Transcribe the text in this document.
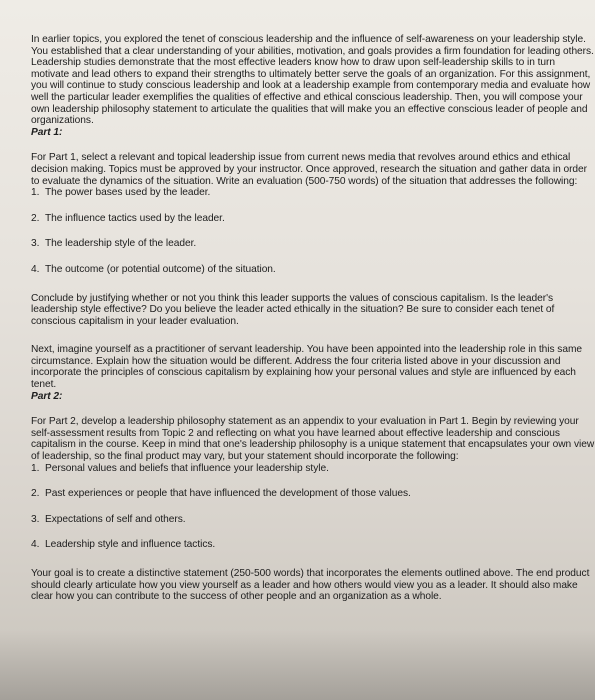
In earlier topics, you explored the tenet of conscious leadership and the influence of self-awareness on your leadership style. You established that a clear understanding of your abilities, motivation, and goals provides a firm foundation for leading others. Leadership studies demonstrate that the most effective leaders know how to draw upon self-leadership skills to in turn motivate and lead others to expand their strengths to ultimately better serve the goals of an organization. For this assignment, you will continue to study conscious leadership and look at a leadership example from contemporary media and evaluate how well the particular leader exemplifies the qualities of effective and ethical conscious leadership. Then, you will compose your own leadership philosophy statement to articulate the qualities that will make you an effective conscious leader of people and organizations.

Part 1:

For Part 1, select a relevant and topical leadership issue from current news media that revolves around ethics and ethical decision making. Topics must be approved by your instructor. Once approved, research the situation and gather data in order to evaluate the dynamics of the situation. Write an evaluation (500-750 words) of the situation that addresses the following:

1. The power bases used by the leader.
2. The influence tactics used by the leader.
3. The leadership style of the leader.
4. The outcome (or potential outcome) of the situation.

Conclude by justifying whether or not you think this leader supports the values of conscious capitalism. Is the leader's leadership style effective? Do you believe the leader acted ethically in the situation? Be sure to consider each tenet of conscious capitalism in your leader evaluation.

Next, imagine yourself as a practitioner of servant leadership. You have been appointed into the leadership role in this same circumstance. Explain how the situation would be different. Address the four criteria listed above in your discussion and incorporate the principles of conscious capitalism by explaining how your personal values and style are influenced by each tenet.

Part 2:

For Part 2, develop a leadership philosophy statement as an appendix to your evaluation in Part 1. Begin by reviewing your self-assessment results from Topic 2 and reflecting on what you have learned about effective leadership and conscious capitalism in the course. Keep in mind that one's leadership philosophy is a unique statement that encapsulates your own view of leadership, so the final product may vary, but your statement should incorporate the following:

1. Personal values and beliefs that influence your leadership style.
2. Past experiences or people that have influenced the development of those values.
3. Expectations of self and others.
4. Leadership style and influence tactics.

Your goal is to create a distinctive statement (250-500 words) that incorporates the elements outlined above. The end product should clearly articulate how you view yourself as a leader and how others would view you as a leader. It should also make clear how you can contribute to the success of other people and an organization as a whole.
